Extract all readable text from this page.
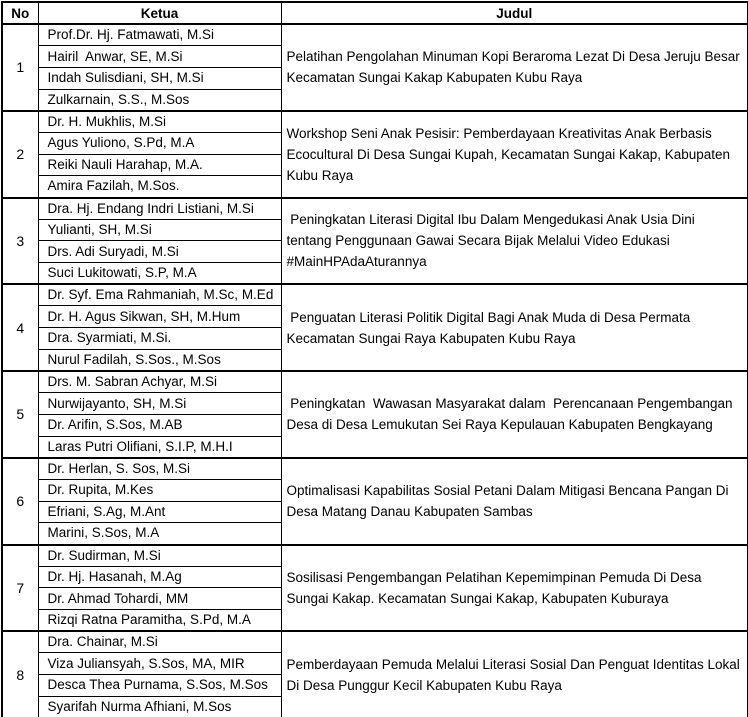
No	Ketua	Judul
1	Prof.Dr. Hj. Fatmawati, M.Si	Pelatihan Pengolahan Minuman Kopi Beraroma Lezat Di Desa Jeruju Besar Kecamatan Sungai Kakap Kabupaten Kubu Raya
	Hairil  Anwar, SE, M.Si	
	Indah Sulisdiani, SH, M.Si	
	Zulkarnain, S.S., M.Sos	
2	Dr. H. Mukhlis, M.Si	Workshop Seni Anak Pesisir: Pemberdayaan Kreativitas Anak Berbasis Ecocultural Di Desa Sungai Kupah, Kecamatan Sungai Kakap, Kabupaten Kubu Raya
	Agus Yuliono, S.Pd, M.A	
	Reiki Nauli Harahap, M.A.	
	Amira Fazilah, M.Sos.	
3	Dra. Hj. Endang Indri Listiani, M.Si	Peningkatan Literasi Digital Ibu Dalam Mengedukasi Anak Usia Dini tentang Penggunaan Gawai Secara Bijak Melalui Video Edukasi #MainHPAdaAturannya
	Yulianti, SH, M.Si	
	Drs. Adi Suryadi, M.Si	
	Suci Lukitowati, S.P, M.A	
4	Dr. Syf. Ema Rahmaniah, M.Sc, M.Ed	Penguatan Literasi Politik Digital Bagi Anak Muda di Desa Permata Kecamatan Sungai Raya Kabupaten Kubu Raya
	Dr. H. Agus Sikwan, SH, M.Hum	
	Dra. Syarmiati, M.Si.	
	Nurul Fadilah, S.Sos., M.Sos	
5	Drs. M. Sabran Achyar, M.Si	Peningkatan  Wawasan Masyarakat dalam  Perencanaan Pengembangan Desa di Desa Lemukutan Sei Raya Kepulauan Kabupaten Bengkayang
	Nurwijayanto, SH, M.Si	
	Dr. Arifin, S.Sos, M.AB	
	Laras Putri Olifiani, S.I.P, M.H.I	
6	Dr. Herlan, S. Sos, M.Si	Optimalisasi Kapabilitas Sosial Petani Dalam Mitigasi Bencana Pangan Di Desa Matang Danau Kabupaten Sambas
	Dr. Rupita, M.Kes	
	Efriani, S.Ag, M.Ant	
	Marini, S.Sos, M.A	
7	Dr. Sudirman, M.Si	Sosilisasi Pengembangan Pelatihan Kepemimpinan Pemuda Di Desa Sungai Kakap. Kecamatan Sungai Kakap, Kabupaten Kuburaya
	Dr. Hj. Hasanah, M.Ag	
	Dr. Ahmad Tohardi, MM	
	Rizqi Ratna Paramitha, S.Pd, M.A	
8	Dra. Chainar, M.Si	Pemberdayaan Pemuda Melalui Literasi Sosial Dan Penguat Identitas Lokal Di Desa Punggur Kecil Kabupaten Kubu Raya
	Viza Juliansyah, S.Sos, MA, MIR	
	Desca Thea Purnama, S.Sos, M.Sos	
	Syarifah Nurma Afhiani, M.Sos	
